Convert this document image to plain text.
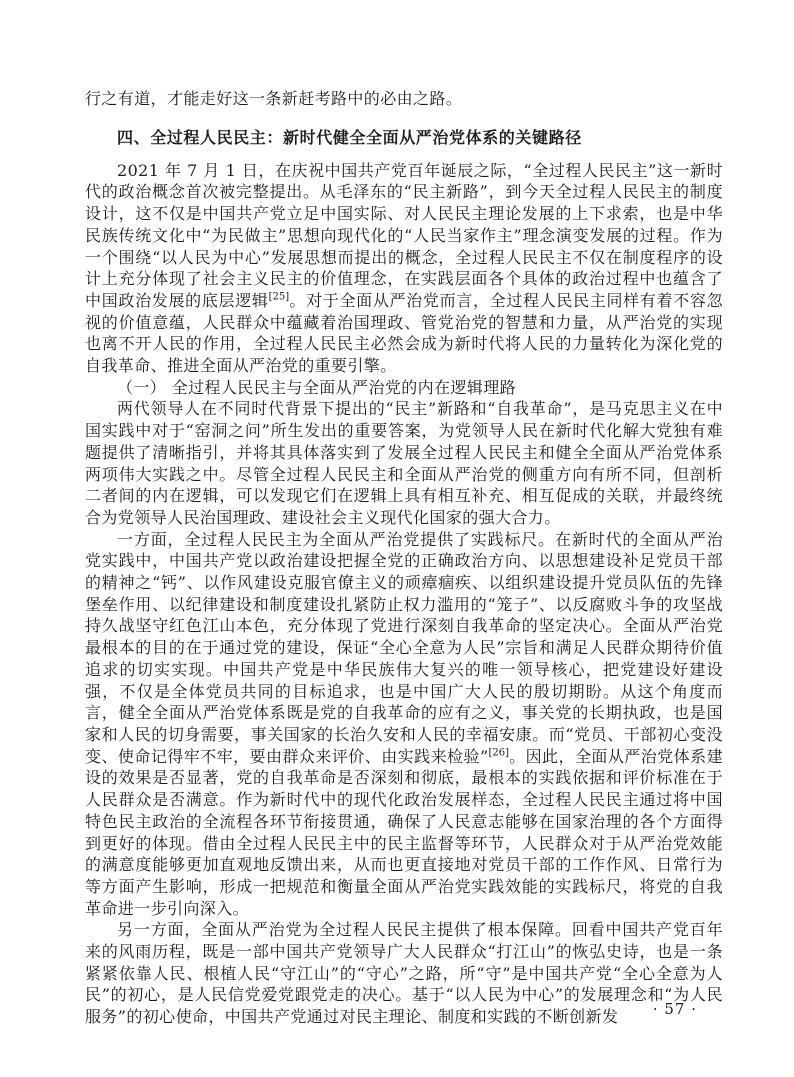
行之有道，才能走好这一条新赶考路中的必由之路。

四、全过程人民民主：新时代健全全面从严治党体系的关键路径

2021 年 7 月 1 日，在庆祝中国共产党百年诞辰之际，“全过程人民民主”这一新时代的政治概念首次被完整提出。从毛泽东的“民主新路”，到今天全过程人民民主的制度设计，这不仅是中国共产党立足中国实际、对人民民主理论发展的上下求索，也是中华民族传统文化中“为民做主”思想向现代化的“人民当家作主”理念演变发展的过程。作为一个围绕“以人民为中心”发展思想而提出的概念，全过程人民民主不仅在制度程序的设计上充分体现了社会主义民主的价值理念，在实践层面各个具体的政治过程中也蕴含了中国政治发展的底层逻辑[25]。对于全面从严治党而言，全过程人民民主同样有着不容忽视的价值意蕴，人民群众中蕴藏着治国理政、管党治党的智慧和力量，从严治党的实现也离不开人民的作用，全过程人民民主必然会成为新时代将人民的力量转化为深化党的自我革命、推进全面从严治党的重要引擎。

（一） 全过程人民民主与全面从严治党的内在逻辑理路

两代领导人在不同时代背景下提出的“民主”新路和“自我革命”，是马克思主义在中国实践中对于“窑洞之问”所生发出的重要答案，为党领导人民在新时代化解大党独有难题提供了清晰指引，并将其具体落实到了发展全过程人民民主和健全全面从严治党体系两项伟大实践之中。尽管全过程人民民主和全面从严治党的侧重方向有所不同，但剖析二者间的内在逻辑，可以发现它们在逻辑上具有相互补充、相互促成的关联，并最终统合为党领导人民治国理政、建设社会主义现代化国家的强大合力。

一方面，全过程人民民主为全面从严治党提供了实践标尺。在新时代的全面从严治党实践中，中国共产党以政治建设把握全党的正确政治方向、以思想建设补足党员干部的精神之“钙”、以作风建设克服官僚主义的顽瘴痼疾、以组织建设提升党员队伍的先锋堡垒作用、以纪律建设和制度建设扎紧防止权力滥用的“笼子”、以反腐败斗争的攻坚战持久战坚守红色江山本色，充分体现了党进行深刻自我革命的坚定决心。全面从严治党最根本的目的在于通过党的建设，保证“全心全意为人民”宗旨和满足人民群众期待价值追求的切实实现。中国共产党是中华民族伟大复兴的唯一领导核心，把党建设好建设强，不仅是全体党员共同的目标追求，也是中国广大人民的殷切期盼。从这个角度而言，健全全面从严治党体系既是党的自我革命的应有之义，事关党的长期执政，也是国家和人民的切身需要，事关国家的长治久安和人民的幸福安康。而“党员、干部初心变没变、使命记得牢不牢，要由群众来评价、由实践来检验”[26]。因此，全面从严治党体系建设的效果是否显著，党的自我革命是否深刻和彻底，最根本的实践依据和评价标准在于人民群众是否满意。作为新时代中的现代化政治发展样态，全过程人民民主通过将中国特色民主政治的全流程各环节衔接贯通，确保了人民意志能够在国家治理的各个方面得到更好的体现。借由全过程人民民主中的民主监督等环节，人民群众对于从严治党效能的满意度能够更加直观地反馈出来，从而也更直接地对党员干部的工作作风、日常行为等方面产生影响，形成一把规范和衡量全面从严治党实践效能的实践标尺，将党的自我革命进一步引向深入。

另一方面，全面从严治党为全过程人民民主提供了根本保障。回看中国共产党百年来的风雨历程，既是一部中国共产党领导广大人民群众“打江山”的恢弘史诗，也是一条紧紧依靠人民、根植人民“守江山”的“守心”之路，所“守”是中国共产党“全心全意为人民”的初心，是人民信党爱党跟党走的决心。基于“以人民为中心”的发展理念和“为人民服务”的初心使命，中国共产党通过对民主理论、制度和实践的不断创新发	· 57 ·
